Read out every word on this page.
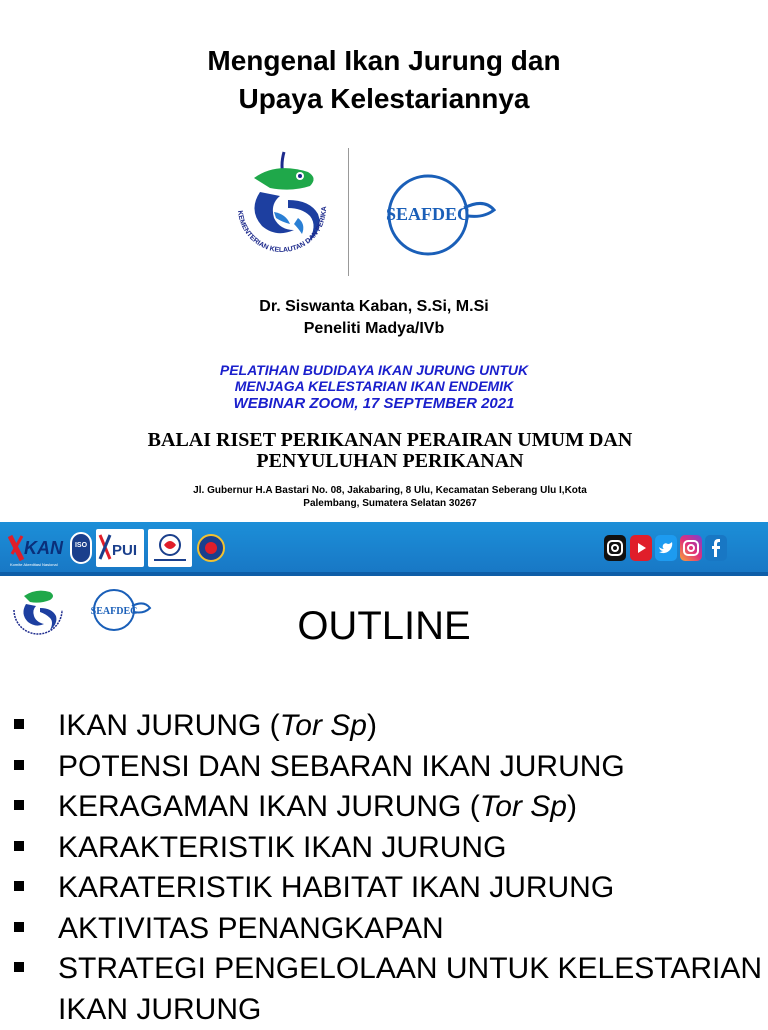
Mengenal Ikan Jurung dan
Upaya Kelestariannya
KEMENTERIAN KELAUTAN DAN PERIKA	SEAFDEC
Dr. Siswanta Kaban, S.Si, M.Si
Peneliti Madya/IVb
PELATIHAN BUDIDAYA IKAN JURUNG UNTUK
MENJAGA KELESTARIAN IKAN ENDEMIK
WEBINAR ZOOM, 17 SEPTEMBER 2021
BALAI RISET PERIKANAN PERAIRAN UMUM DAN
PENYULUHAN PERIKANAN
Jl. Gubernur H.A Bastari No. 08, Jakabaring, 8 Ulu, Kecamatan Seberang Ulu I,Kota
Palembang, Sumatera Selatan 30267
KAN
Komite Akreditasi Nasional
ISO PUI
SEAFDEC	OUTLINE
IKAN JURUNG (Tor Sp)
POTENSI DAN SEBARAN IKAN JURUNG
KERAGAMAN IKAN JURUNG (Tor Sp)
KARAKTERISTIK IKAN JURUNG
KARATERISTIK HABITAT IKAN JURUNG
AKTIVITAS PENANGKAPAN
STRATEGI PENGELOLAAN UNTUK KELESTARIAN IKAN JURUNG
